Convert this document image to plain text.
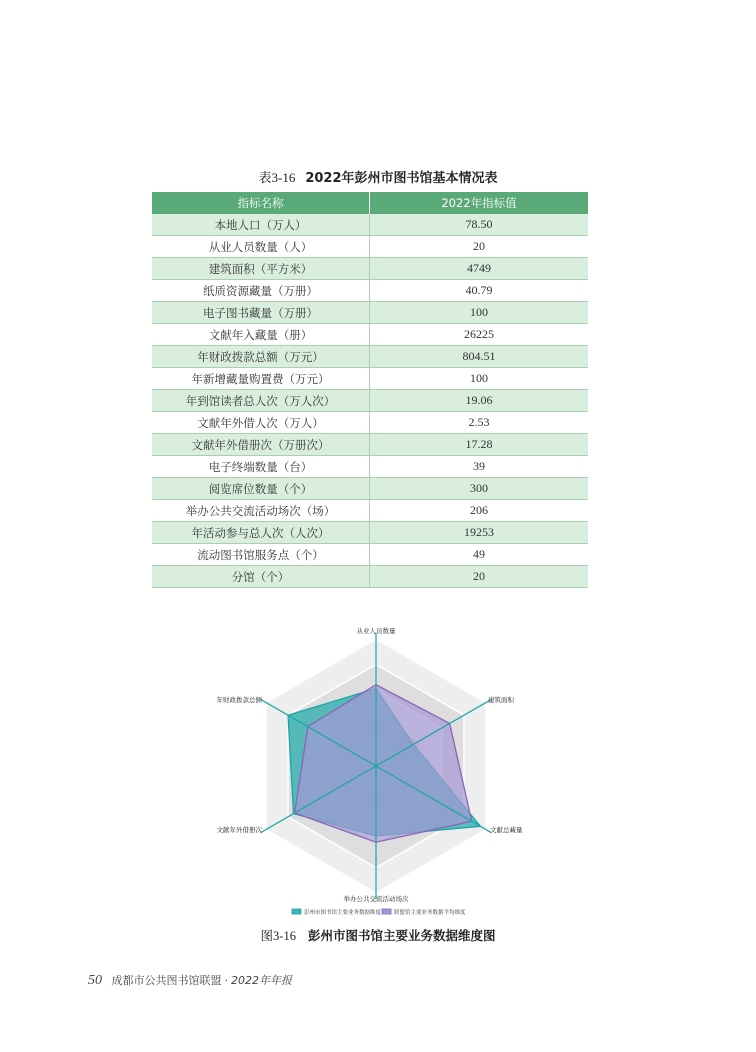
表3-16 2022年彭州市图书馆基本情况表
指标名称	2022年指标值
本地人口（万人）	78.50
从业人员数量（人）	20
建筑面积（平方米）	4749
纸质资源藏量（万册）	40.79
电子图书藏量（万册）	100
文献年入藏量（册）	26225
年财政拨款总额（万元）	804.51
年新增藏量购置费（万元）	100
年到馆读者总人次（万人次）	19.06
文献年外借人次（万人）	2.53
文献年外借册次（万册次）	17.28
电子终端数量（台）	39
阅览席位数量（个）	300
举办公共交流活动场次（场）	206
年活动参与总人次（人次）	19253
流动图书馆服务点（个）	49
分馆（个）	20
从业人员数量
建筑面积
文献总藏量
举办公共交流活动场次
文献年外借册次
年财政拨款总额
彭州市图书馆主要业务数据维度 联盟馆主要业务数据平均维度
图3-16 彭州市图书馆主要业务数据维度图
50 成都市公共图书馆联盟 · 2022年年报
